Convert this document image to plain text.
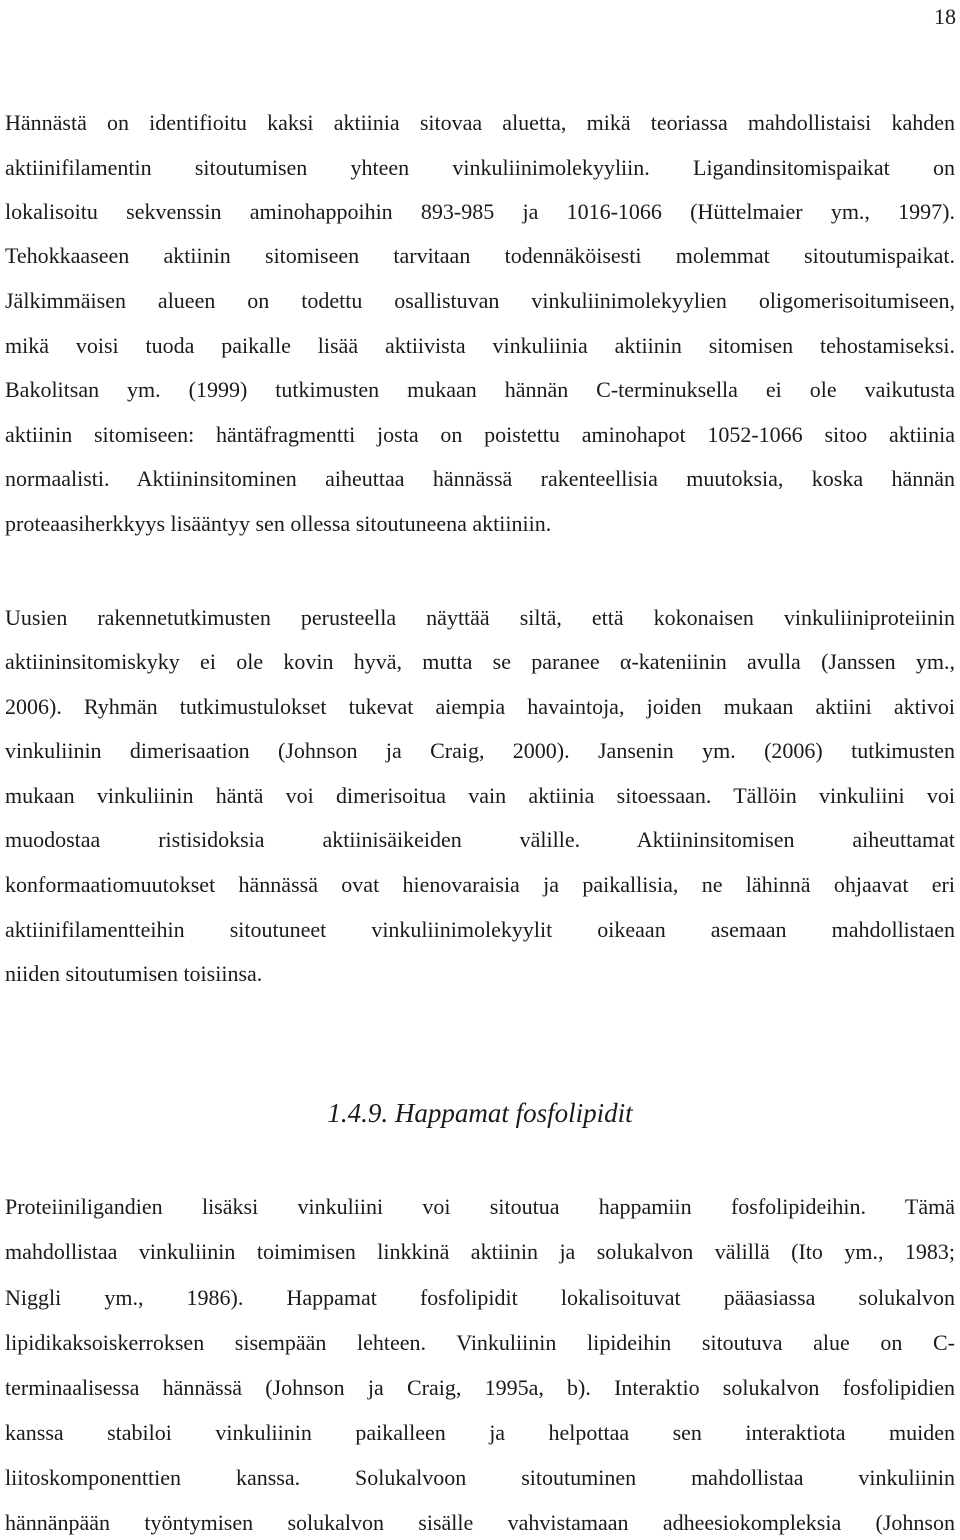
18
Hännästä on identifioitu kaksi aktiinia sitovaa aluetta, mikä teoriassa mahdollistaisi kahden
aktiinifilamentin sitoutumisen yhteen vinkuliinimolekyyliin. Ligandinsitomispaikat on
lokalisoitu sekvenssin aminohappoihin 893-985 ja 1016-1066 (Hüttelmaier ym., 1997).
Tehokkaaseen aktiinin sitomiseen tarvitaan todennäköisesti molemmat sitoutumispaikat.
Jälkimmäisen alueen on todettu osallistuvan vinkuliinimolekyylien oligomerisoitumiseen,
mikä voisi tuoda paikalle lisää aktiivista vinkuliinia aktiinin sitomisen tehostamiseksi.
Bakolitsan ym. (1999) tutkimusten mukaan hännän C-terminuksella ei ole vaikutusta
aktiinin sitomiseen: häntäfragmentti josta on poistettu aminohapot 1052-1066 sitoo aktiinia
normaalisti. Aktiininsitominen aiheuttaa hännässä rakenteellisia muutoksia, koska hännän
proteaasiherkkyys lisääntyy sen ollessa sitoutuneena aktiiniin.
Uusien rakennetutkimusten perusteella näyttää siltä, että kokonaisen vinkuliiniproteiinin
aktiininsitomiskyky ei ole kovin hyvä, mutta se paranee α-kateniinin avulla (Janssen ym.,
2006). Ryhmän tutkimustulokset tukevat aiempia havaintoja, joiden mukaan aktiini aktivoi
vinkuliinin dimerisaation (Johnson ja Craig, 2000). Jansenin ym. (2006) tutkimusten
mukaan vinkuliinin häntä voi dimerisoitua vain aktiinia sitoessaan. Tällöin vinkuliini voi
muodostaa ristisidoksia aktiinisäikeiden välille. Aktiininsitomisen aiheuttamat
konformaatiomuutokset hännässä ovat hienovaraisia ja paikallisia, ne lähinnä ohjaavat eri
aktiinifilamentteihin sitoutuneet vinkuliinimolekyylit oikeaan asemaan mahdollistaen
niiden sitoutumisen toisiinsa.
1.4.9. Happamat fosfolipidit
Proteiiniligandien lisäksi vinkuliini voi sitoutua happamiin fosfolipideihin. Tämä
mahdollistaa vinkuliinin toimimisen linkkinä aktiinin ja solukalvon välillä (Ito ym., 1983;
Niggli ym., 1986). Happamat fosfolipidit lokalisoituvat pääasiassa solukalvon
lipidikaksoiskerroksen sisempään lehteen. Vinkuliinin lipideihin sitoutuva alue on C-
terminaalisessa hännässä (Johnson ja Craig, 1995a, b). Interaktio solukalvon fosfolipidien
kanssa stabiloi vinkuliinin paikalleen ja helpottaa sen interaktiota muiden
liitoskomponenttien kanssa. Solukalvoon sitoutuminen mahdollistaa vinkuliinin
hännänpään työntymisen solukalvon sisälle vahvistamaan adheesiokompleksia (Johnson
